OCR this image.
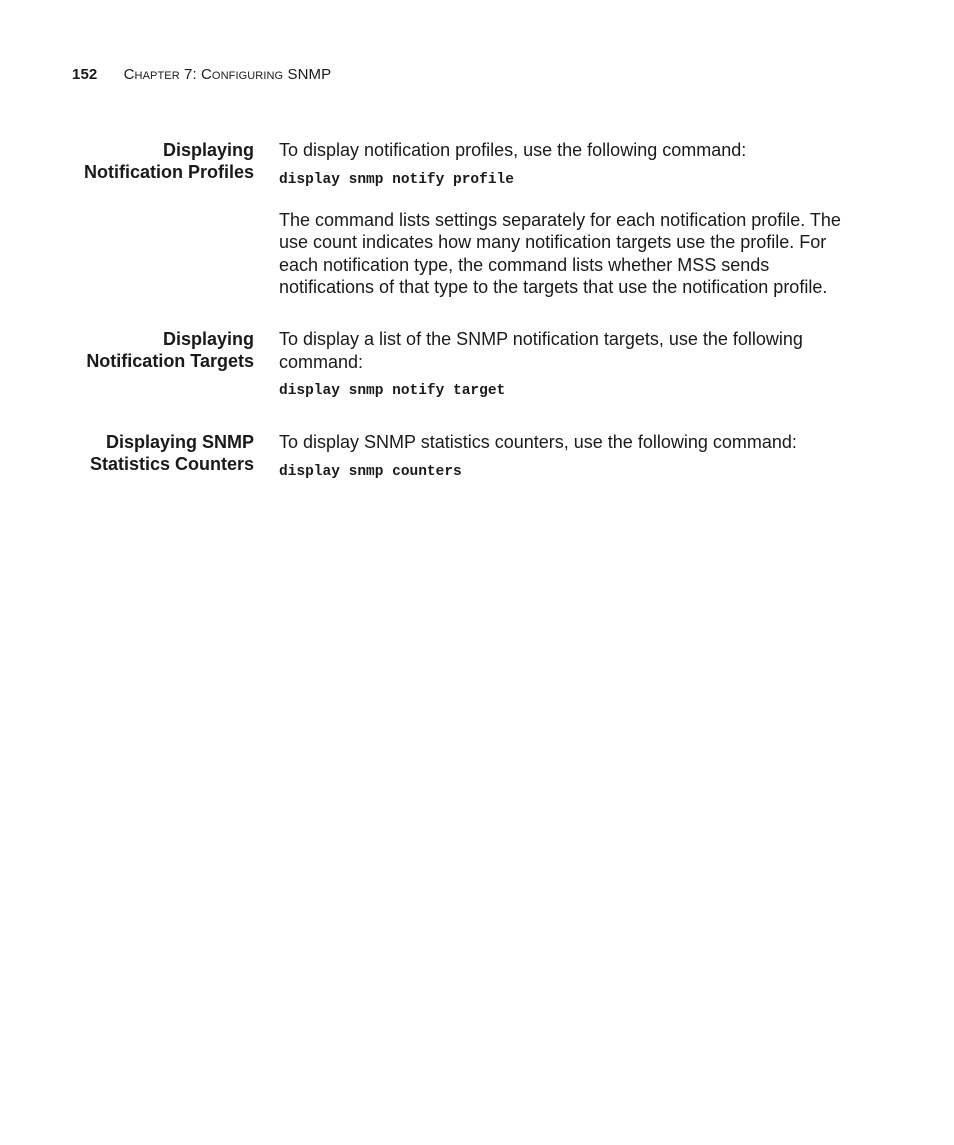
152 Chapter 7: Configuring SNMP
Displaying
Notification Profiles

To display notification profiles, use the following command:

display snmp notify profile

The command lists settings separately for each notification profile. The use count indicates how many notification targets use the profile. For each notification type, the command lists whether MSS sends notifications of that type to the targets that use the notification profile.

Displaying
Notification Targets

To display a list of the SNMP notification targets, use the following command:

display snmp notify target

Displaying SNMP
Statistics Counters

To display SNMP statistics counters, use the following command:

display snmp counters
